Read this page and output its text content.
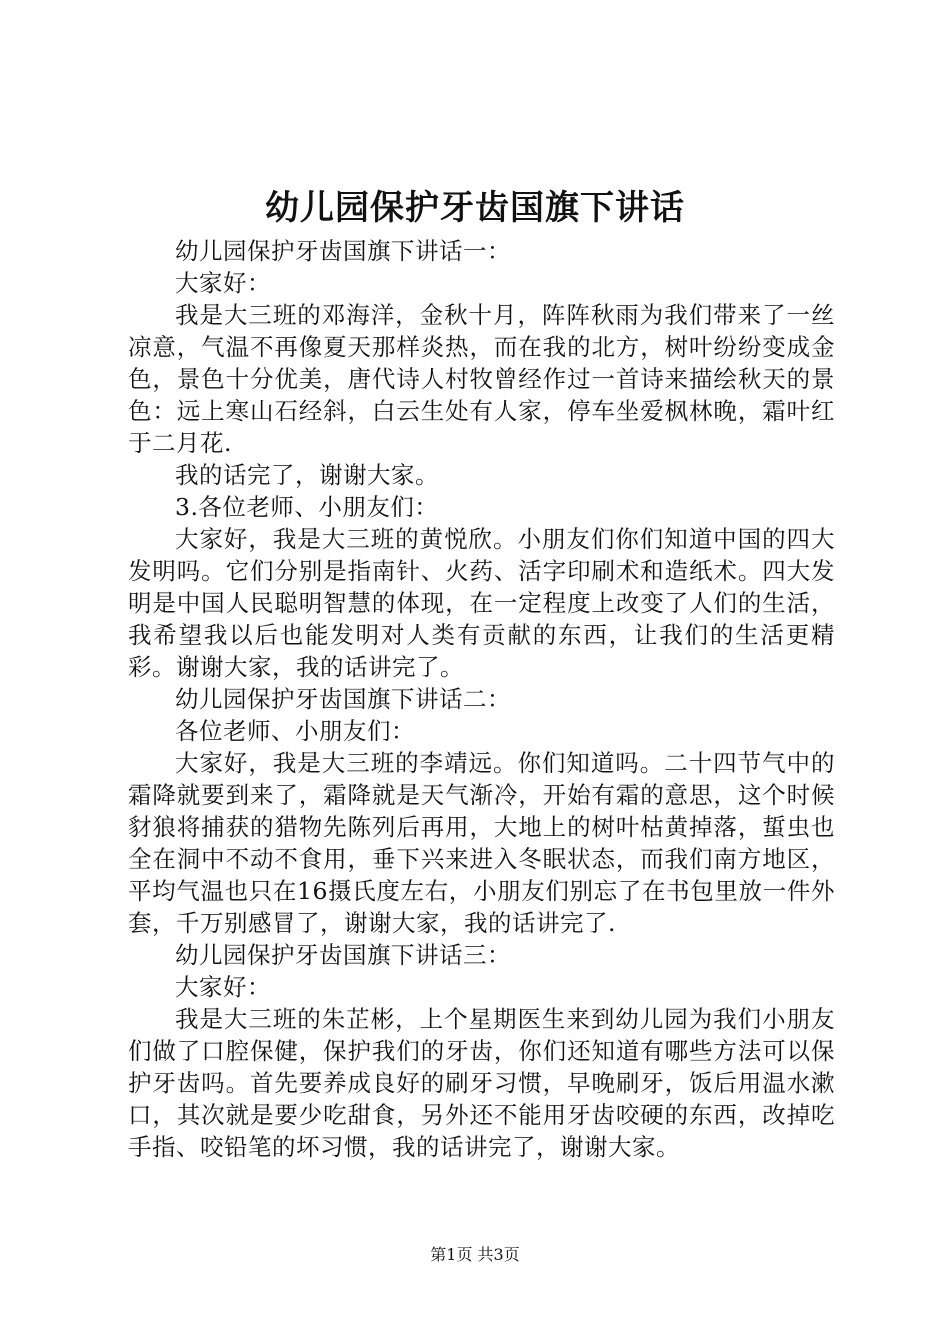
幼儿园保护牙齿国旗下讲话

幼儿园保护牙齿国旗下讲话一：

大家好：

我是大三班的邓海洋，金秋十月，阵阵秋雨为我们带来了一丝凉意，气温不再像夏天那样炎热，而在我的北方，树叶纷纷变成金色，景色十分优美，唐代诗人村牧曾经作过一首诗来描绘秋天的景色：远上寒山石经斜，白云生处有人家，停车坐爱枫林晚，霜叶红于二月花.

我的话完了，谢谢大家。

3.各位老师、小朋友们：

大家好，我是大三班的黄悦欣。小朋友们你们知道中国的四大发明吗。它们分别是指南针、火药、活字印刷术和造纸术。四大发明是中国人民聪明智慧的体现，在一定程度上改变了人们的生活，我希望我以后也能发明对人类有贡献的东西，让我们的生活更精彩。谢谢大家，我的话讲完了。

幼儿园保护牙齿国旗下讲话二：

各位老师、小朋友们：

大家好，我是大三班的李靖远。你们知道吗。二十四节气中的霜降就要到来了，霜降就是天气渐冷，开始有霜的意思，这个时候豺狼将捕获的猎物先陈列后再用，大地上的树叶枯黄掉落，蜇虫也全在洞中不动不食用，垂下兴来进入冬眠状态，而我们南方地区，平均气温也只在16摄氏度左右，小朋友们别忘了在书包里放一件外套，千万别感冒了，谢谢大家，我的话讲完了.

幼儿园保护牙齿国旗下讲话三：

大家好：

我是大三班的朱芷彬，上个星期医生来到幼儿园为我们小朋友们做了口腔保健，保护我们的牙齿，你们还知道有哪些方法可以保护牙齿吗。首先要养成良好的刷牙习惯，早晚刷牙，饭后用温水漱口，其次就是要少吃甜食，另外还不能用牙齿咬硬的东西，改掉吃手指、咬铅笔的坏习惯，我的话讲完了，谢谢大家。

第1页 共3页
